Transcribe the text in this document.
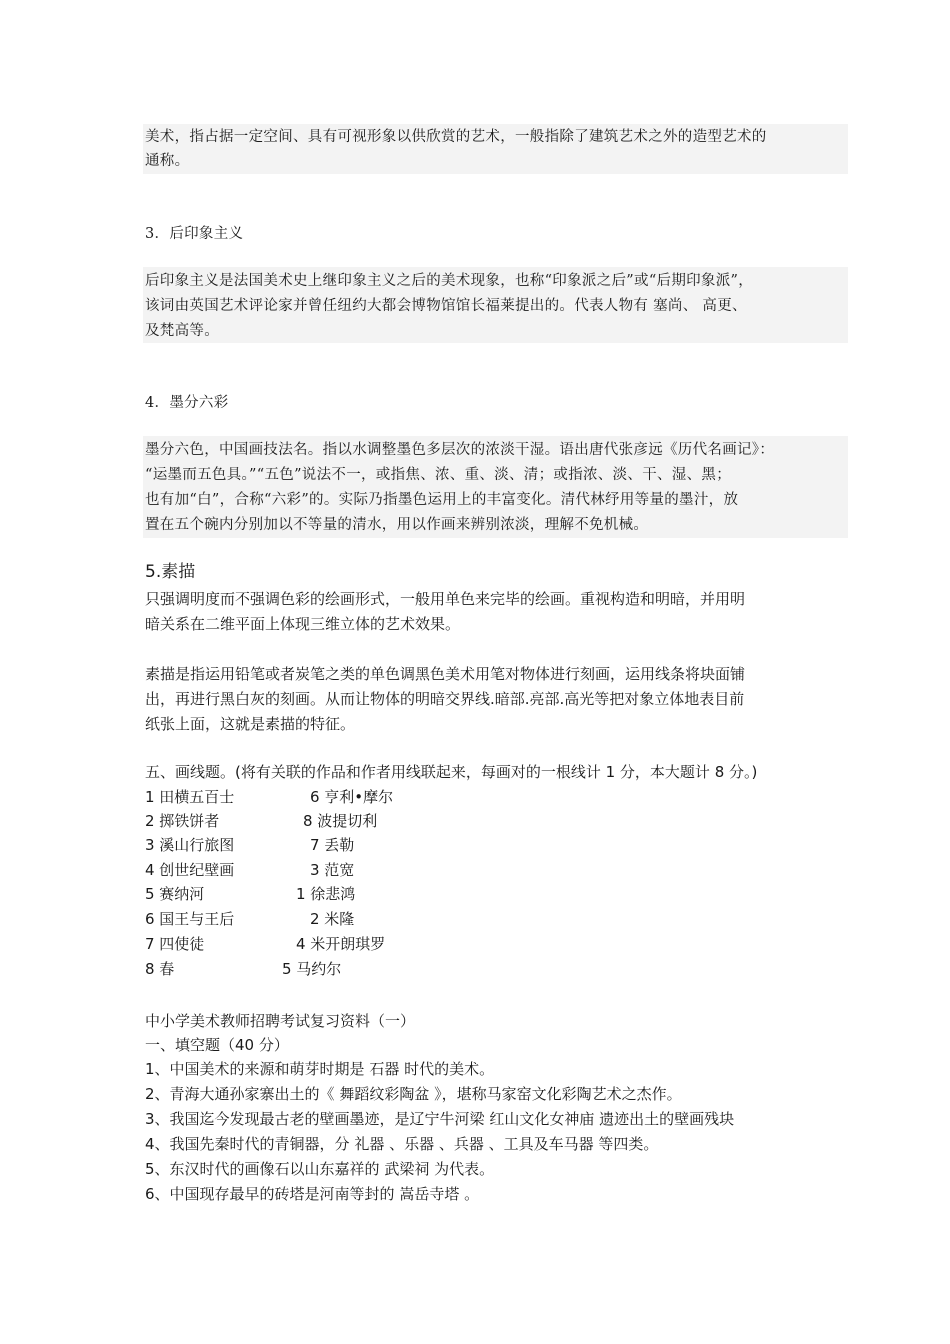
美术，指占据一定空间、具有可视形象以供欣赏的艺术，一般指除了建筑艺术之外的造型艺术的
通称。
3．后印象主义
后印象主义是法国美术史上继印象主义之后的美术现象，也称“印象派之后”或“后期印象派”，
该词由英国艺术评论家并曾任纽约大都会博物馆馆长福莱提出的。代表人物有 塞尚、 高更、
及梵高等。
4．墨分六彩
墨分六色，中国画技法名。指以水调整墨色多层次的浓淡干湿。语出唐代张彦远《历代名画记》：
“运墨而五色具。”“五色”说法不一，或指焦、浓、重、淡、清；或指浓、淡、干、湿、黑；
也有加“白”，合称“六彩”的。实际乃指墨色运用上的丰富变化。清代林纾用等量的墨汁，放
置在五个碗内分别加以不等量的清水，用以作画来辨别浓淡，理解不免机械。
5.素描
只强调明度而不强调色彩的绘画形式，一般用单色来完毕的绘画。重视构造和明暗，并用明
暗关系在二维平面上体现三维立体的艺术效果。
素描是指运用铅笔或者炭笔之类的单色调黑色美术用笔对物体进行刻画，运用线条将块面铺
出，再进行黑白灰的刻画。从而让物体的明暗交界线.暗部.亮部.高光等把对象立体地表目前
纸张上面，这就是素描的特征。
五、画线题。(将有关联的作品和作者用线联起来，每画对的一根线计 1 分，本大题计 8 分。)
1 田横五百士	6 亨利•摩尔
2 掷铁饼者	8 波提切利
3 溪山行旅图	7 丢勒
4 创世纪壁画	3 范宽
5 赛纳河	1 徐悲鸿
6 国王与王后	2 米隆
7 四使徒	4 米开朗琪罗
8 春	5 马约尔
中小学美术教师招聘考试复习资料（一）
一、填空题（40 分）
1、中国美术的来源和萌芽时期是 石器 时代的美术。
2、青海大通孙家寨出土的《 舞蹈纹彩陶盆 》，堪称马家窑文化彩陶艺术之杰作。
3、我国迄今发现最古老的壁画墨迹，是辽宁牛河梁 红山文化女神庙 遗迹出土的壁画残块
4、我国先秦时代的青铜器，分 礼器 、乐器 、兵器 、工具及车马器 等四类。
5、东汉时代的画像石以山东嘉祥的 武梁祠 为代表。
6、中国现存最早的砖塔是河南等封的 嵩岳寺塔 。
